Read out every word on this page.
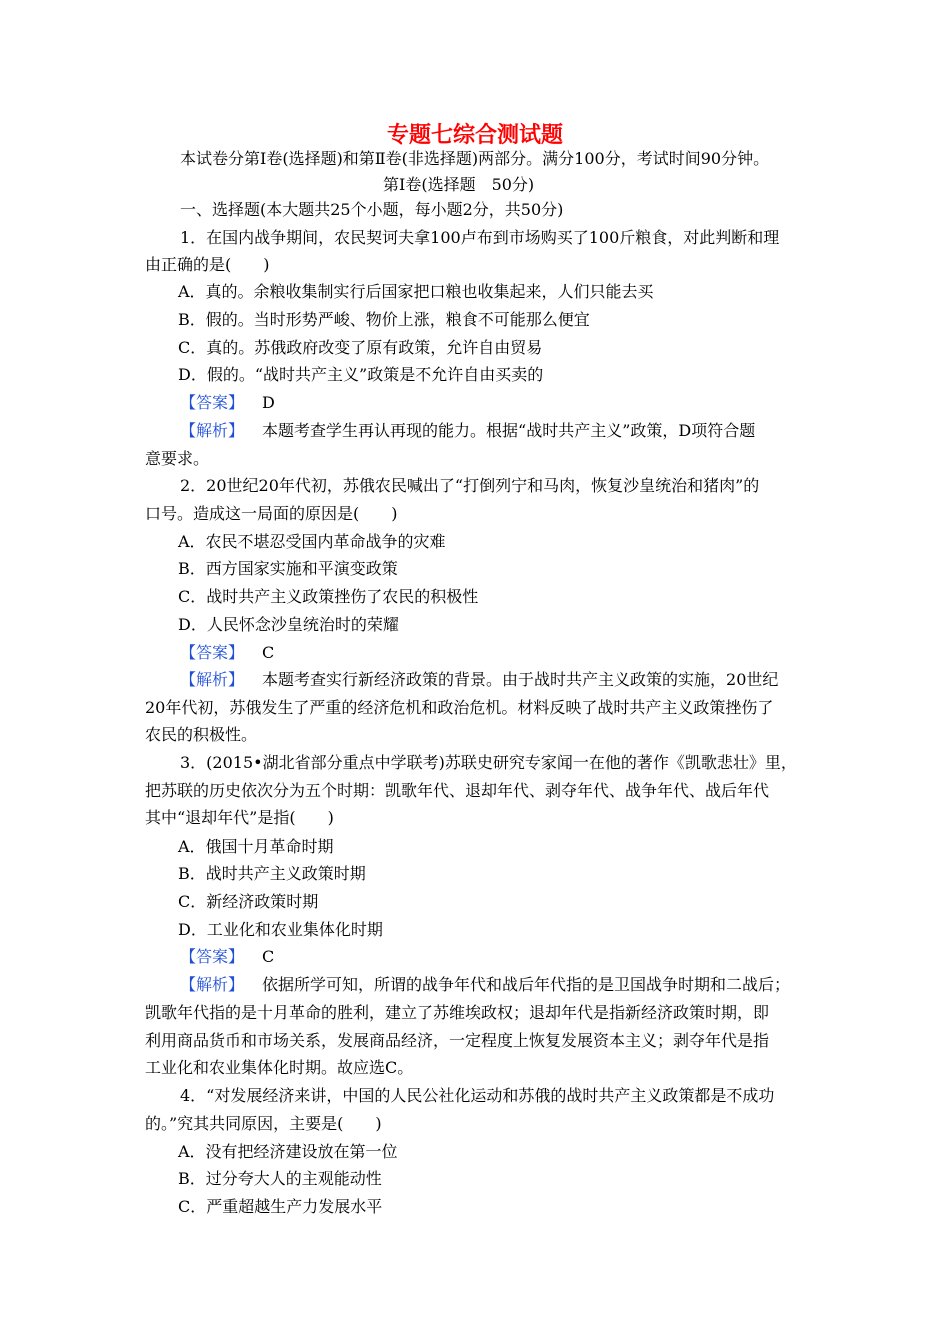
专题七综合测试题
本试卷分第Ⅰ卷(选择题)和第Ⅱ卷(非选择题)两部分。满分100分，考试时间90分钟。
第Ⅰ卷(选择题　50分)
一、选择题(本大题共25个小题，每小题2分，共50分)
1．在国内战争期间，农民契诃夫拿100卢布到市场购买了100斤粮食，对此判断和理
由正确的是(　　)
A．真的。余粮收集制实行后国家把口粮也收集起来，人们只能去买
B．假的。当时形势严峻、物价上涨，粮食不可能那么便宜
C．真的。苏俄政府改变了原有政策，允许自由贸易
D．假的。“战时共产主义”政策是不允许自由买卖的
【答案】 D
【解析】 本题考查学生再认再现的能力。根据“战时共产主义”政策，D项符合题
意要求。
2．20世纪20年代初，苏俄农民喊出了“打倒列宁和马肉，恢复沙皇统治和猪肉”的
口号。造成这一局面的原因是(　　)
A．农民不堪忍受国内革命战争的灾难
B．西方国家实施和平演变政策
C．战时共产主义政策挫伤了农民的积极性
D．人民怀念沙皇统治时的荣耀
【答案】 C
【解析】 本题考查实行新经济政策的背景。由于战时共产主义政策的实施，20世纪
20年代初，苏俄发生了严重的经济危机和政治危机。材料反映了战时共产主义政策挫伤了
农民的积极性。
3．(2015•湖北省部分重点中学联考)苏联史研究专家闻一在他的著作《凯歌悲壮》里，
把苏联的历史依次分为五个时期：凯歌年代、退却年代、剥夺年代、战争年代、战后年代
其中“退却年代”是指(　　)
A．俄国十月革命时期
B．战时共产主义政策时期
C．新经济政策时期
D．工业化和农业集体化时期
【答案】 C
【解析】 依据所学可知，所谓的战争年代和战后年代指的是卫国战争时期和二战后；
凯歌年代指的是十月革命的胜利，建立了苏维埃政权；退却年代是指新经济政策时期，即
利用商品货币和市场关系，发展商品经济，一定程度上恢复发展资本主义；剥夺年代是指
工业化和农业集体化时期。故应选C。
4．“对发展经济来讲，中国的人民公社化运动和苏俄的战时共产主义政策都是不成功
的。”究其共同原因，主要是(　　)
A．没有把经济建设放在第一位
B．过分夸大人的主观能动性
C．严重超越生产力发展水平
